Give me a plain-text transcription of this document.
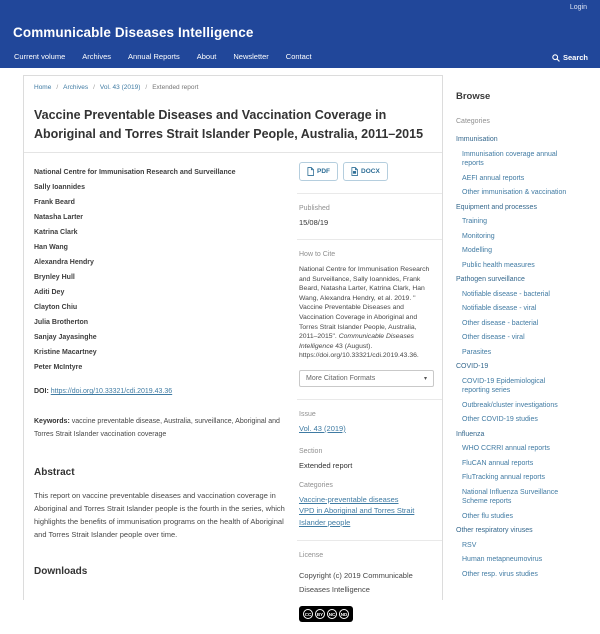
Login
Communicable Diseases Intelligence
Current volume Archives Annual Reports About Newsletter Contact	Search
Home / Archives / Vol. 43 (2019) / Extended report
Vaccine Preventable Diseases and Vaccination Coverage in Aboriginal and Torres Strait Islander People, Australia, 2011–2015
National Centre for Immunisation Research and Surveillance
Sally Ioannides
Frank Beard
Natasha Larter
Katrina Clark
Han Wang
Alexandra Hendry
Brynley Hull
Aditi Dey
Clayton Chiu
Julia Brotherton
Sanjay Jayasinghe
Kristine Macartney
Peter McIntyre
DOI: https://doi.org/10.33321/cdi.2019.43.36
Keywords: vaccine preventable disease, Australia, surveillance, Aboriginal and Torres Strait Islander vaccination coverage
Abstract

This report on vaccine preventable diseases and vaccination coverage in Aboriginal and Torres Strait Islander people is the fourth in the series, which highlights the benefits of immunisation programs on the health of Aboriginal and Torres Strait Islander people over time.

Downloads
PDF	DOCX
Published
15/08/19
How to Cite

National Centre for Immunisation Research and Surveillance, Sally Ioannides, Frank Beard, Natasha Larter, Katrina Clark, Han Wang, Alexandra Hendry, et al. 2019. " Vaccine Preventable Diseases and Vaccination Coverage in Aboriginal and Torres Strait Islander People, Australia, 2011–2015". Communicable Diseases Intelligence 43 (August). https://doi.org/10.33321/cdi.2019.43.36.

More Citation Formats	▾
Issue
Vol. 43 (2019)
Section
Extended report
Categories
Vaccine-preventable diseases
VPD in Aboriginal and Torres Strait Islander people
License

Copyright (c) 2019 Communicable Diseases Intelligence

CC	BY	NC	ND
Browse
Categories
Immunisation
Immunisation coverage annual reports
AEFI annual reports
Other immunisation & vaccination
Equipment and processes
Training
Monitoring
Modelling
Public health measures
Pathogen surveillance
Notifiable disease - bacterial
Notifiable disease - viral
Other disease - bacterial
Other disease - viral
Parasites
COVID-19
COVID-19 Epidemiological reporting series
Outbreak/cluster investigations
Other COVID-19 studies
Influenza
WHO CCRRI annual reports
FluCAN annual reports
FluTracking annual reports
National Influenza Surveillance Scheme reports
Other flu studies
Other respiratory viruses
RSV
Human metapneumovirus
Other resp. virus studies
